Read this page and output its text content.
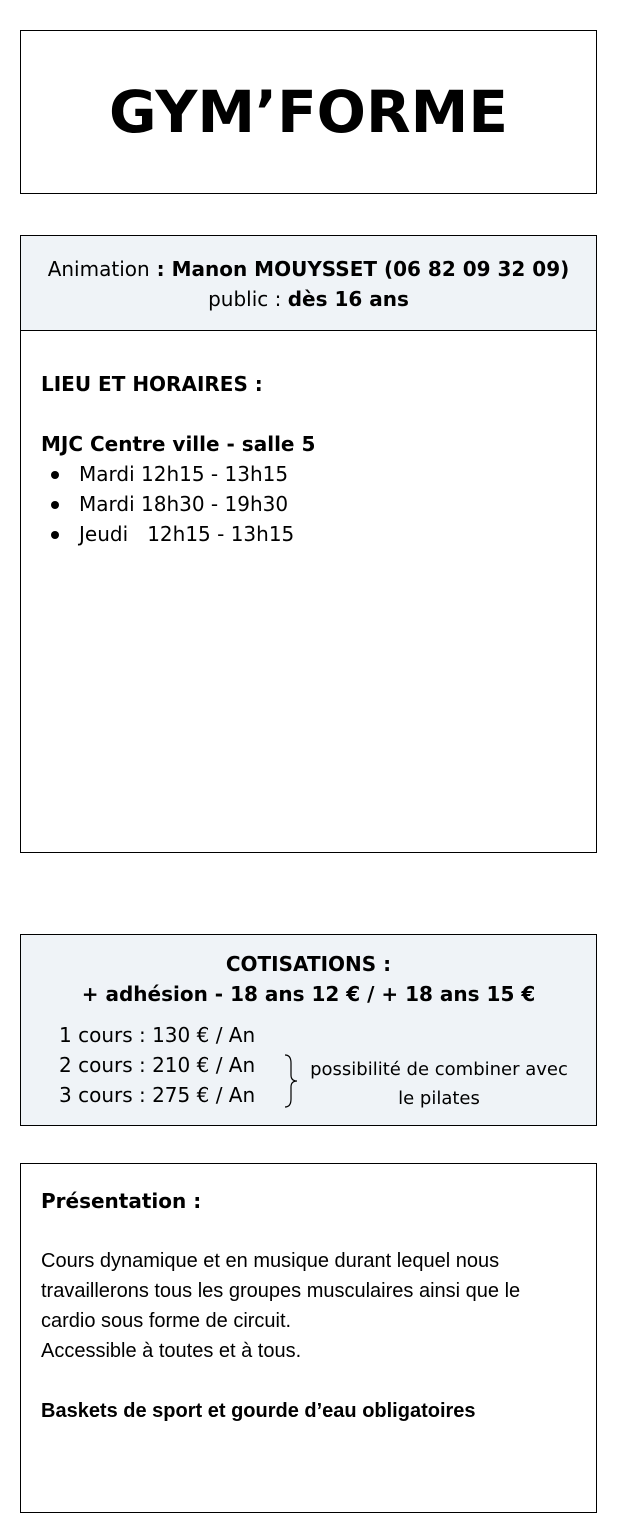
GYM’FORME
Animation : Manon MOUYSSET (06 82 09 32 09)
public : dès 16 ans

LIEU ET HORAIRES :

MJC Centre ville - salle 5

Mardi 12h15 - 13h15
Mardi 18h30 - 19h30
Jeudi   12h15 - 13h15
COTISATIONS :
+ adhésion - 18 ans 12 € / + 18 ans 15 €
1 cours : 130 € / An
2 cours : 210 € / An
3 cours : 275 € / An
possibilité de combiner avec le pilates

Présentation :

Cours dynamique et en musique durant lequel nous travaillerons tous les groupes musculaires ainsi que le cardio sous forme de circuit.

Accessible à toutes et à tous.

Baskets de sport et gourde d’eau obligatoires
